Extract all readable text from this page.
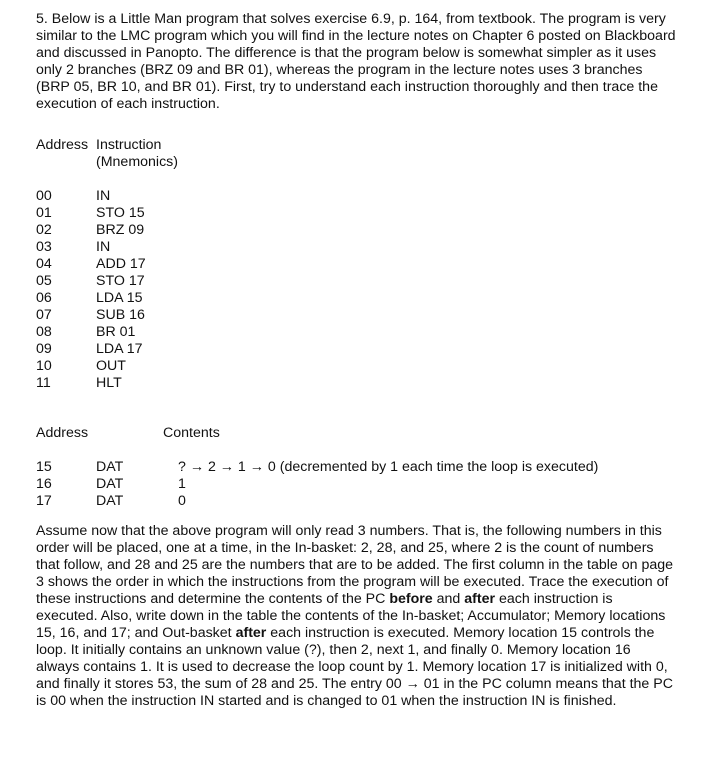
5. Below is a Little Man program that solves exercise 6.9, p. 164, from textbook. The program is very similar to the LMC program which you will find in the lecture notes on Chapter 6 posted on Blackboard and discussed in Panopto. The difference is that the program below is somewhat simpler as it uses only 2 branches (BRZ 09 and BR 01), whereas the program in the lecture notes uses 3 branches (BRP 05, BR 10, and BR 01). First, try to understand each instruction thoroughly and then trace the execution of each instruction.

Address Instruction
(Mnemonics)
00	IN
01	STO 15
02	BRZ 09
03	IN
04	ADD 17
05	STO 17
06	LDA 15
07	SUB 16
08	BR 01
09	LDA 17
10	OUT
11	HLT
Address	Contents
15	DAT	? → 2 → 1 → 0 (decremented by 1 each time the loop is executed)
16	DAT	1
17	DAT	0

Assume now that the above program will only read 3 numbers. That is, the following numbers in this order will be placed, one at a time, in the In-basket: 2, 28, and 25, where 2 is the count of numbers that follow, and 28 and 25 are the numbers that are to be added. The first column in the table on page 3 shows the order in which the instructions from the program will be executed. Trace the execution of these instructions and determine the contents of the PC before and after each instruction is executed. Also, write down in the table the contents of the In-basket; Accumulator; Memory locations 15, 16, and 17; and Out-basket after each instruction is executed. Memory location 15 controls the loop. It initially contains an unknown value (?), then 2, next 1, and finally 0. Memory location 16 always contains 1. It is used to decrease the loop count by 1. Memory location 17 is initialized with 0, and finally it stores 53, the sum of 28 and 25. The entry 00 → 01 in the PC column means that the PC is 00 when the instruction IN started and is changed to 01 when the instruction IN is finished.
